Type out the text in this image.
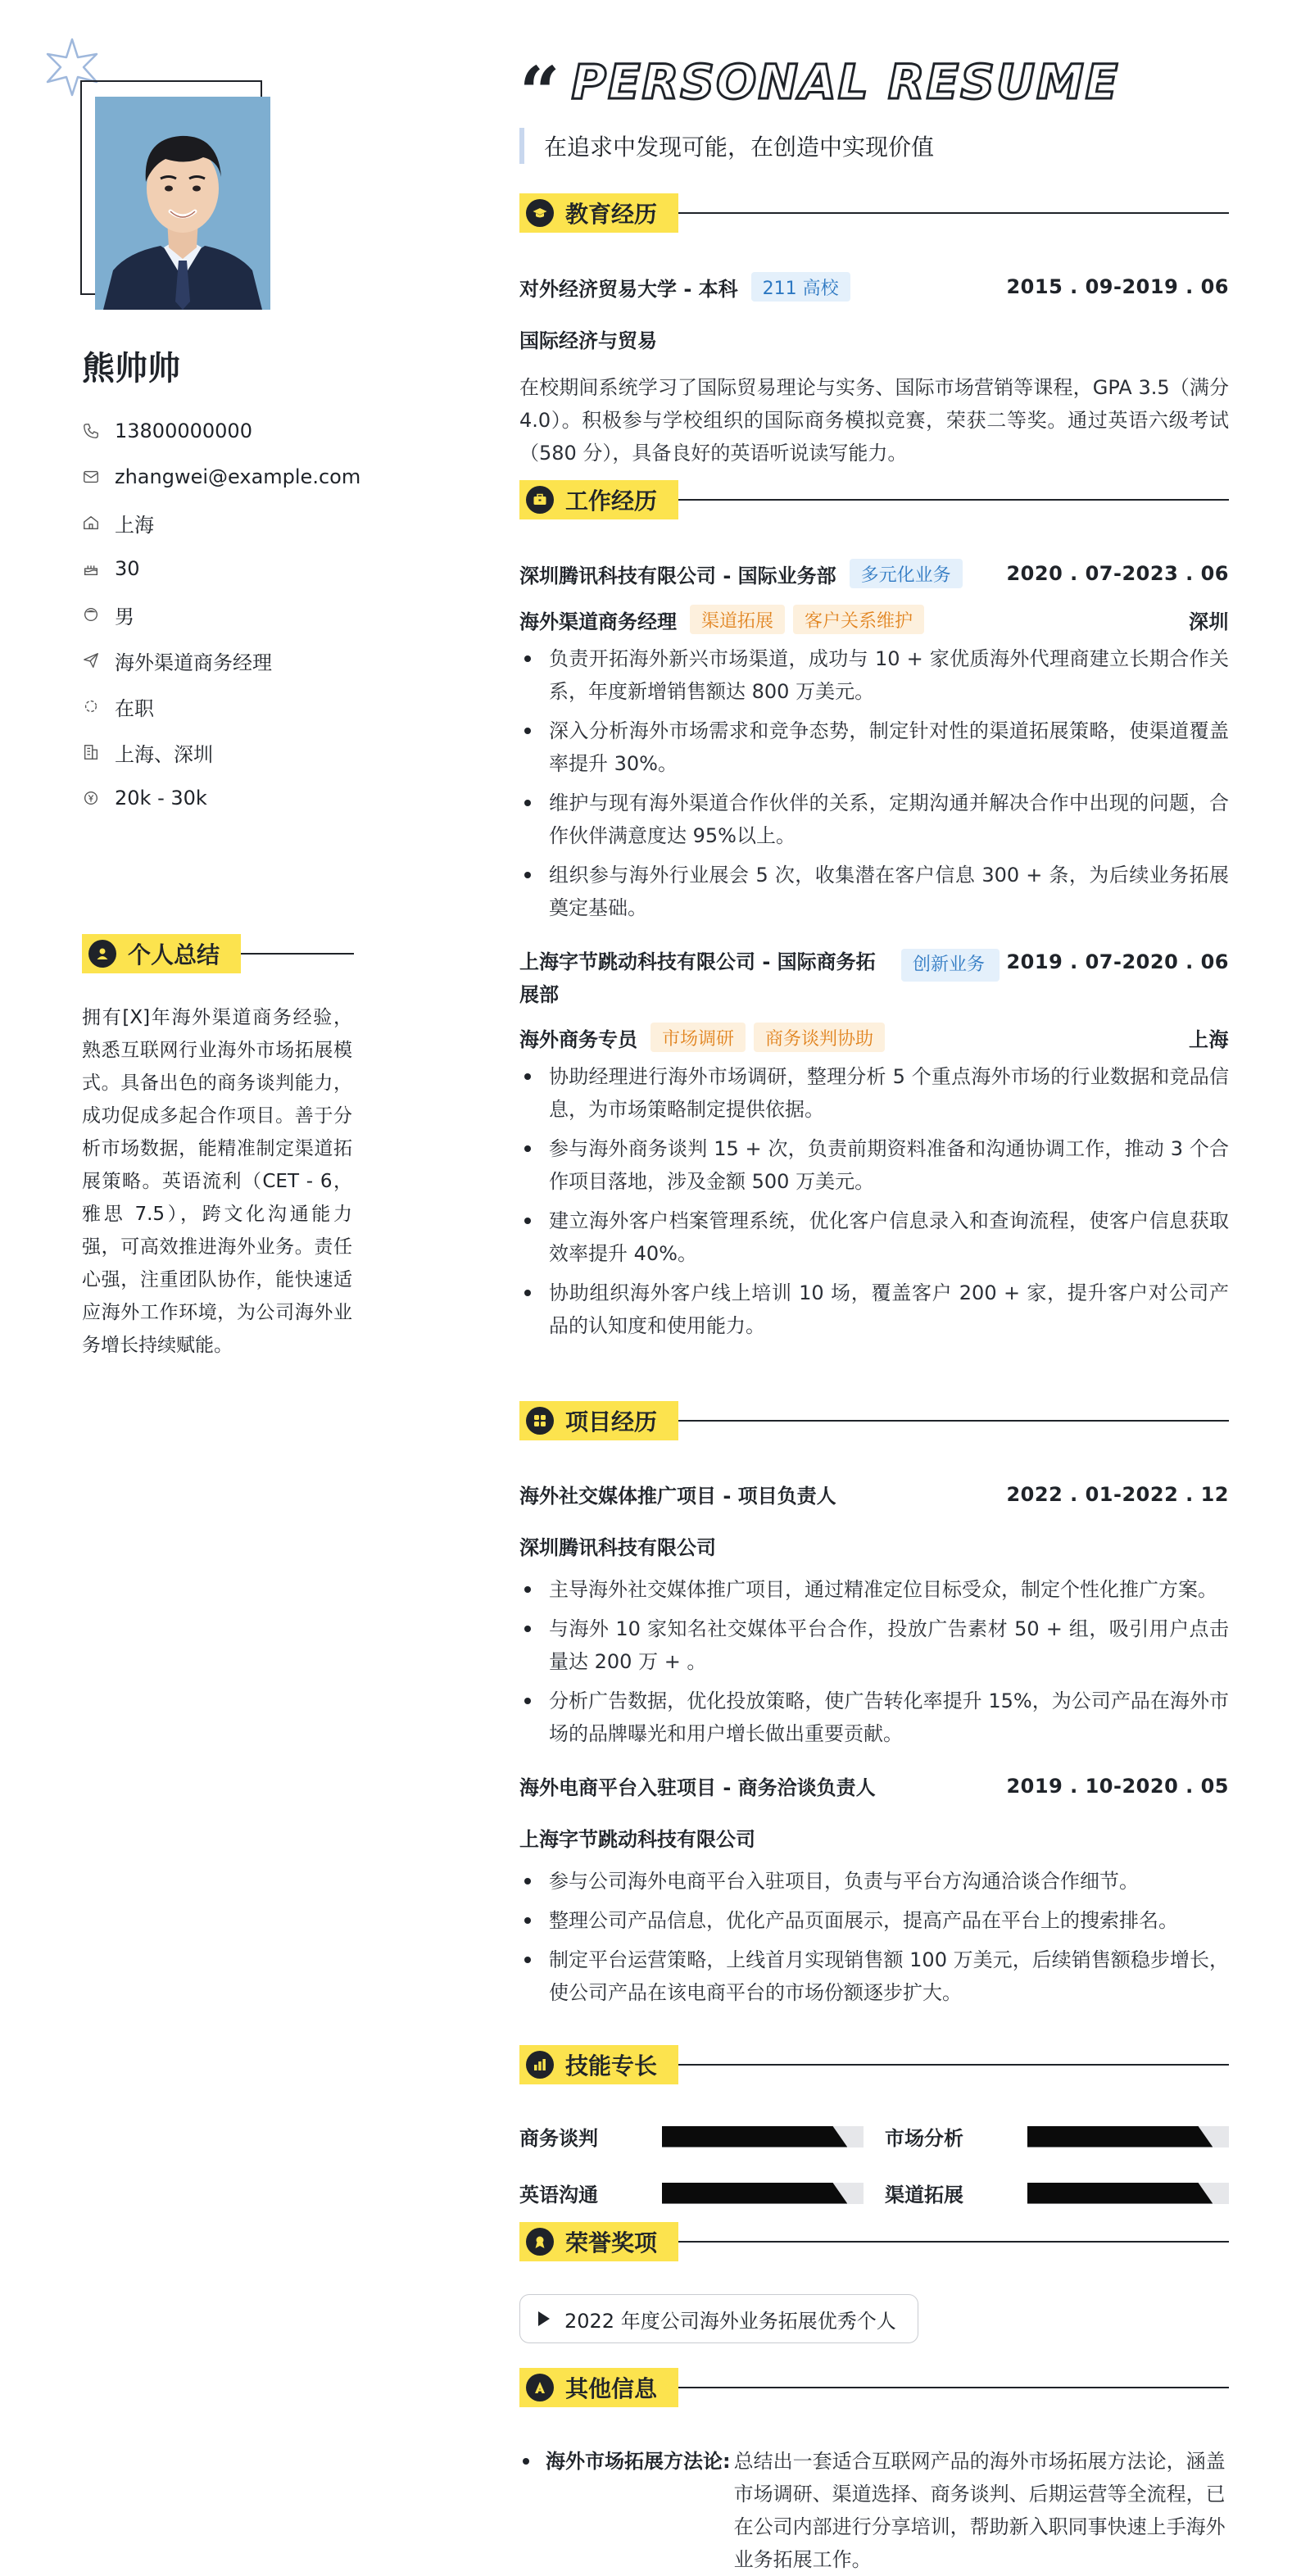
熊帅帅
13800000000
zhangwei@example.com
上海
30
男
海外渠道商务经理
在职
上海、深圳
20k - 30k
个人总结

拥有[X]年海外渠道商务经验，熟悉互联网行业海外市场拓展模式。具备出色的商务谈判能力，成功促成多起合作项目。善于分析市场数据，能精准制定渠道拓展策略。英语流利（CET - 6，雅思 7.5），跨文化沟通能力强，可高效推进海外业务。责任心强，注重团队协作，能快速适应海外工作环境，为公司海外业务增长持续赋能。

“ PERSONAL RESUME
在追求中发现可能，在创造中实现价值
教育经历
对外经济贸易大学 - 本科	211 高校	2015 . 09-2019 . 06
国际经济与贸易

在校期间系统学习了国际贸易理论与实务、国际市场营销等课程，GPA 3.5（满分 4.0）。积极参与学校组织的国际商务模拟竞赛，荣获二等奖。通过英语六级考试（580 分），具备良好的英语听说读写能力。

工作经历
深圳腾讯科技有限公司 - 国际业务部	多元化业务	2020 . 07-2023 . 06
海外渠道商务经理	渠道拓展	客户关系维护	深圳
负责开拓海外新兴市场渠道，成功与 10 + 家优质海外代理商建立长期合作关系，年度新增销售额达 800 万美元。
深入分析海外市场需求和竞争态势，制定针对性的渠道拓展策略，使渠道覆盖率提升 30%。
维护与现有海外渠道合作伙伴的关系，定期沟通并解决合作中出现的问题，合作伙伴满意度达 95%以上。
组织参与海外行业展会 5 次，收集潜在客户信息 300 + 条，为后续业务拓展奠定基础。
上海字节跳动科技有限公司 - 国际商务拓展部
创新业务	2019 . 07-2020 . 06
海外商务专员	市场调研	商务谈判协助	上海
协助经理进行海外市场调研，整理分析 5 个重点海外市场的行业数据和竞品信息，为市场策略制定提供依据。
参与海外商务谈判 15 + 次，负责前期资料准备和沟通协调工作，推动 3 个合作项目落地，涉及金额 500 万美元。
建立海外客户档案管理系统，优化客户信息录入和查询流程，使客户信息获取效率提升 40%。
协助组织海外客户线上培训 10 场，覆盖客户 200 + 家，提升客户对公司产品的认知度和使用能力。
项目经历
海外社交媒体推广项目 - 项目负责人	2022 . 01-2022 . 12
深圳腾讯科技有限公司
主导海外社交媒体推广项目，通过精准定位目标受众，制定个性化推广方案。
与海外 10 家知名社交媒体平台合作，投放广告素材 50 + 组，吸引用户点击量达 200 万 + 。
分析广告数据，优化投放策略，使广告转化率提升 15%，为公司产品在海外市场的品牌曝光和用户增长做出重要贡献。
海外电商平台入驻项目 - 商务洽谈负责人	2019 . 10-2020 . 05
上海字节跳动科技有限公司
参与公司海外电商平台入驻项目，负责与平台方沟通洽谈合作细节。
整理公司产品信息，优化产品页面展示，提高产品在平台上的搜索排名。
制定平台运营策略，上线首月实现销售额 100 万美元，后续销售额稳步增长，使公司产品在该电商平台的市场份额逐步扩大。
技能专长
商务谈判	市场分析
英语沟通	渠道拓展
荣誉奖项
2022 年度公司海外业务拓展优秀个人
其他信息
海外市场拓展方法论: 总结出一套适合互联网产品的海外市场拓展方法论，涵盖市场调研、渠道选择、商务谈判、后期运营等全流程，已在公司内部进行分享培训，帮助新入职同事快速上手海外业务拓展工作。
